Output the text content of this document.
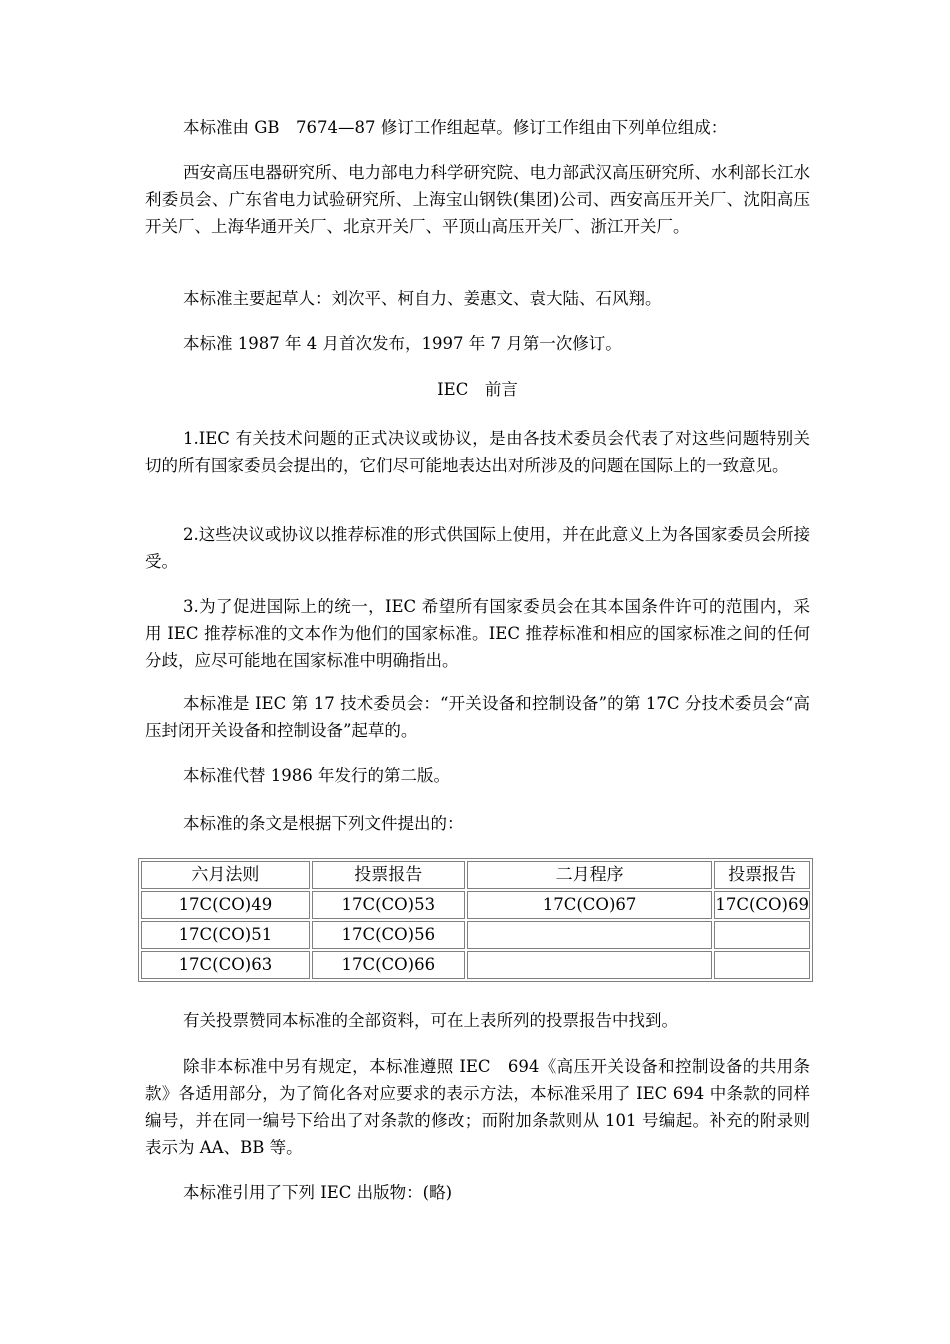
本标准由 GB　7674—87 修订工作组起草。修订工作组由下列单位组成：

西安高压电器研究所、电力部电力科学研究院、电力部武汉高压研究所、水利部长江水利委员会、广东省电力试验研究所、上海宝山钢铁(集团)公司、西安高压开关厂、沈阳高压开关厂、上海华通开关厂、北京开关厂、平顶山高压开关厂、浙江开关厂。

本标准主要起草人：刘次平、柯自力、姜惠文、袁大陆、石风翔。

本标准 1987 年 4 月首次发布，1997 年 7 月第一次修订。

IEC　前言

1.IEC 有关技术问题的正式决议或协议，是由各技术委员会代表了对这些问题特别关切的所有国家委员会提出的，它们尽可能地表达出对所涉及的问题在国际上的一致意见。

2.这些决议或协议以推荐标准的形式供国际上使用，并在此意义上为各国家委员会所接受。

3.为了促进国际上的统一，IEC 希望所有国家委员会在其本国条件许可的范围内，采用 IEC 推荐标准的文本作为他们的国家标准。IEC 推荐标准和相应的国家标准之间的任何分歧，应尽可能地在国家标准中明确指出。

本标准是 IEC 第 17 技术委员会：“开关设备和控制设备”的第 17C 分技术委员会“高压封闭开关设备和控制设备”起草的。

本标准代替 1986 年发行的第二版。

本标准的条文是根据下列文件提出的：

六月法则	投票报告	二月程序	投票报告
17C(CO)49	17C(CO)53	17C(CO)67	17C(CO)69
17C(CO)51	17C(CO)56		
17C(CO)63	17C(CO)66		

有关投票赞同本标准的全部资料，可在上表所列的投票报告中找到。

除非本标准中另有规定，本标准遵照 IEC　694《高压开关设备和控制设备的共用条款》各适用部分，为了简化各对应要求的表示方法，本标准采用了 IEC 694 中条款的同样编号，并在同一编号下给出了对条款的修改；而附加条款则从 101 号编起。补充的附录则表示为 AA、BB 等。

本标准引用了下列 IEC 出版物：(略)
